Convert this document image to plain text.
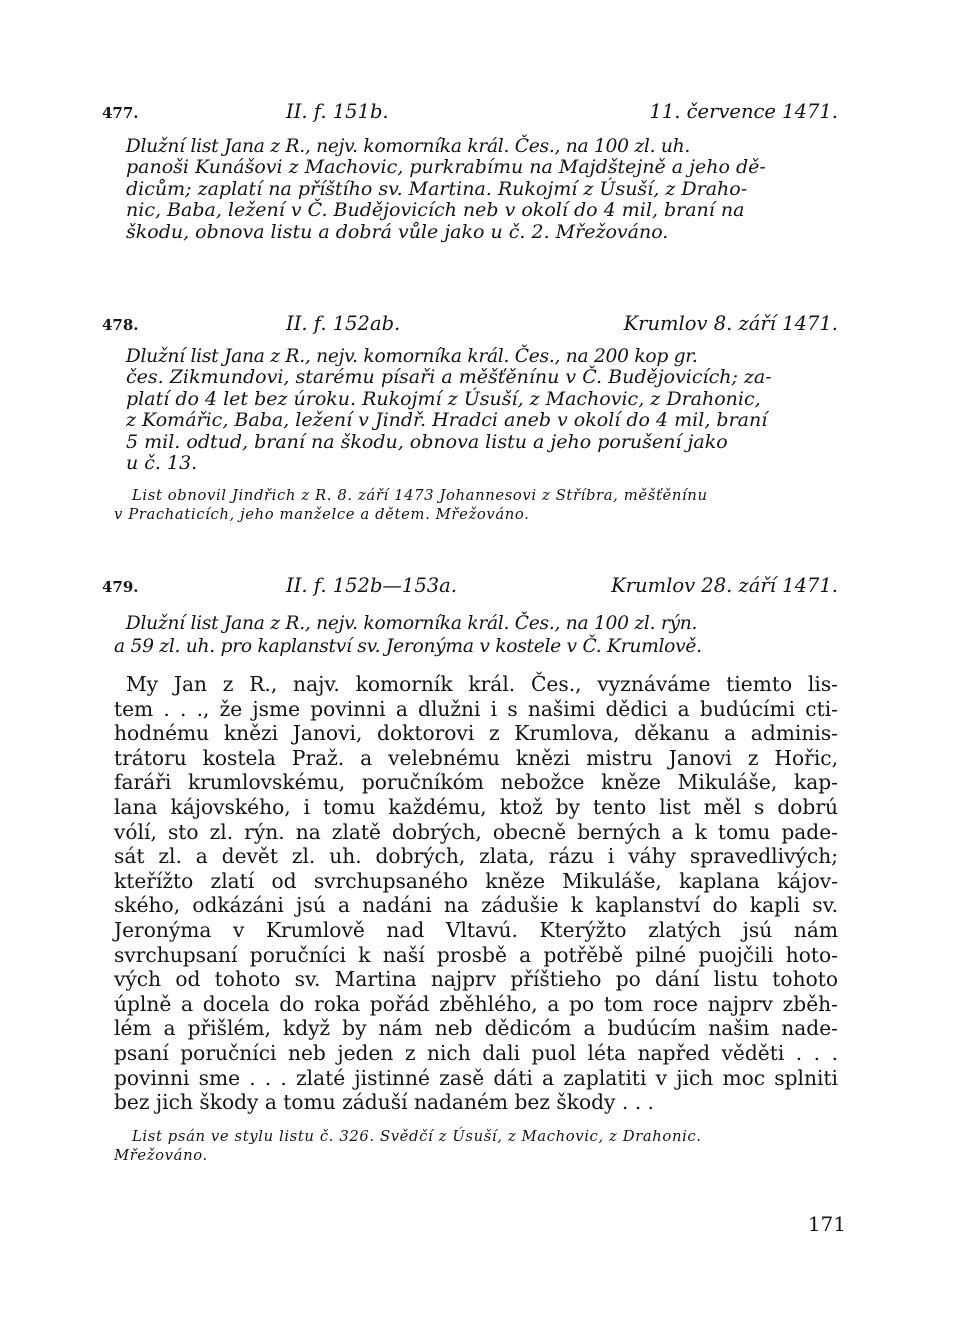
477.	II. f. 151b.	11. července 1471.

Dlužní list Jana z R., nejv. komorníka král. Čes., na 100 zl. uh.
panoši Kunášovi z Machovic, purkrabímu na Majdštejně a jeho dě-
dicům; zaplatí na příštího sv. Martina. Rukojmí z Úsuší, z Draho-
nic, Baba, ležení v Č. Budějovicích neb v okolí do 4 mil, braní na
škodu, obnova listu a dobrá vůle jako u č. 2. Mřežováno.

478.	II. f. 152ab.	Krumlov 8. září 1471.

Dlužní list Jana z R., nejv. komorníka král. Čes., na 200 kop gr.
čes. Zikmundovi, starému písaři a měšťěnínu v Č. Budějovicích; za-
platí do 4 let bez úroku. Rukojmí z Úsuší, z Machovic, z Drahonic,
z Komářic, Baba, ležení v Jindř. Hradci aneb v okolí do 4 mil, braní
5 mil. odtud, braní na škodu, obnova listu a jeho porušení jako
u č. 13.

List obnovil Jindřich z R. 8. září 1473 Johannesovi z Stříbra, měšťěnínu
v Prachaticích, jeho manželce a dětem. Mřežováno.

479.	II. f. 152b—153a.	Krumlov 28. září 1471.

Dlužní list Jana z R., nejv. komorníka král. Čes., na 100 zl. rýn.
a 59 zl. uh. pro kaplanství sv. Jeronýma v kostele v Č. Krumlově.

My Jan z R., najv. komorník král. Čes., vyznáváme tiemto lis-
tem . . ., že jsme povinni a dlužni i s našimi dědici a budúcími cti-
hodnému knězi Janovi, doktorovi z Krumlova, děkanu a adminis-
trátoru kostela Praž. a velebnému knězi mistru Janovi z Hořic,
faráři krumlovskému, poručníkóm nebožce kněze Mikuláše, kap-
lana kájovského, i tomu každému, ktož by tento list měl s dobrú
vólí, sto zl. rýn. na zlatě dobrých, obecně berných a k tomu pade-
sát zl. a devět zl. uh. dobrých, zlata, rázu i váhy spravedlivých;
kteřížto zlatí od svrchupsaného kněze Mikuláše, kaplana kájov-
ského, odkázáni jsú a nadáni na zádušie k kaplanství do kapli sv.
Jeronýma v Krumlově nad Vltavú. Kterýžto zlatých jsú nám
svrchupsaní poručníci k naší prosbě a potřěbě pilné puojčili hoto-
vých od tohoto sv. Martina najprv příštieho po dání listu tohoto
úplně a docela do roka pořád zběhlého, a po tom roce najprv zběh-
lém a přišlém, když by nám neb dědicóm a budúcím našim nade-
psaní poručníci neb jeden z nich dali puol léta napřed věděti . . .
povinni sme . . . zlaté jistinné zasě dáti a zaplatiti v jich moc splniti
bez jich škody a tomu záduší nadaném bez škody . . .

List psán ve stylu listu č. 326. Svědčí z Úsuší, z Machovic, z Drahonic.
Mřežováno.

171
